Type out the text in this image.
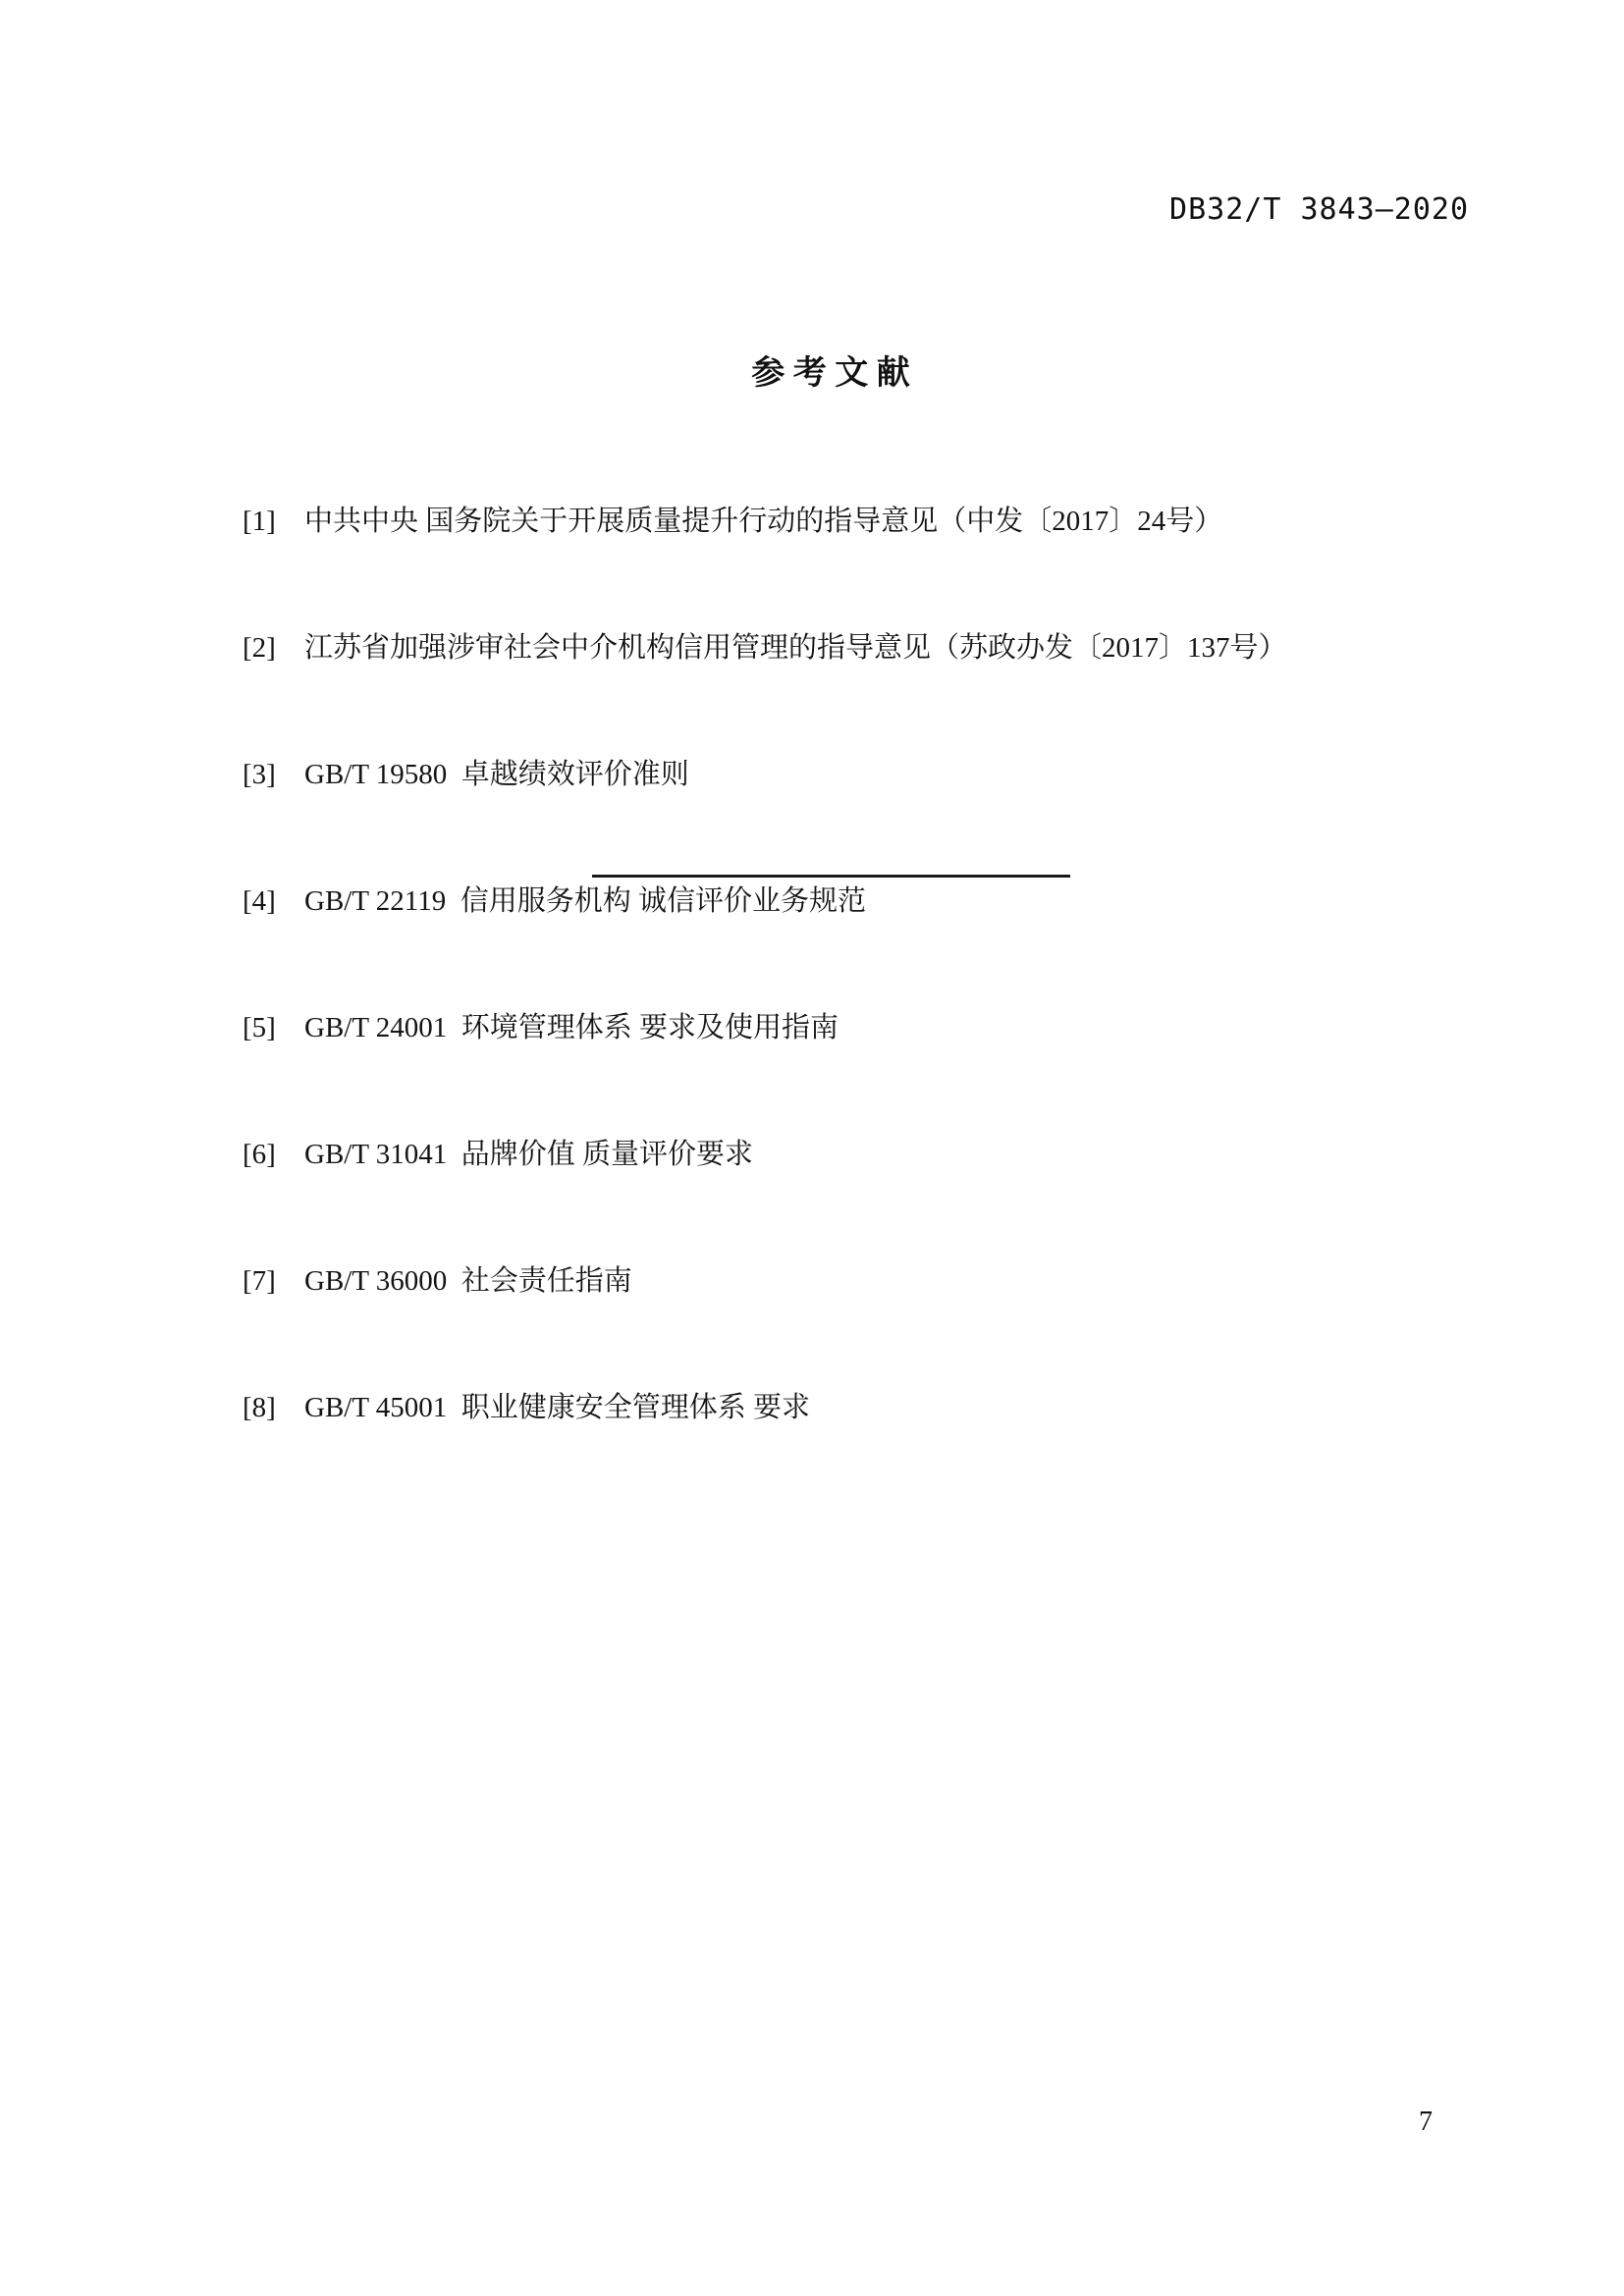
DB32/T 3843—2020
参 考 文 献

[1] 中共中央 国务院关于开展质量提升行动的指导意见（中发〔2017〕24号）

[2] 江苏省加强涉审社会中介机构信用管理的指导意见（苏政办发〔2017〕137号）

[3] GB/T 19580  卓越绩效评价准则

[4] GB/T 22119  信用服务机构 诚信评价业务规范

[5] GB/T 24001  环境管理体系 要求及使用指南

[6] GB/T 31041  品牌价值 质量评价要求

[7] GB/T 36000  社会责任指南

[8] GB/T 45001  职业健康安全管理体系 要求

7
